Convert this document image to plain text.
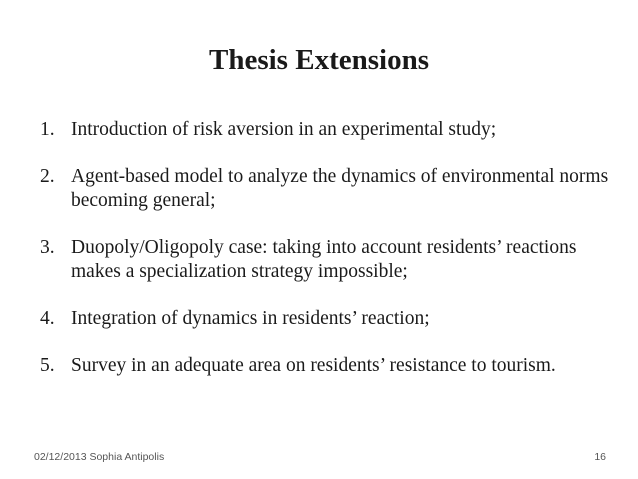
Thesis Extensions
1. Introduction of risk aversion in an experimental study;
2. Agent-based model to analyze the dynamics of environmental norms becoming general;
3. Duopoly/Oligopoly case: taking into account residents’ reactions makes a specialization strategy impossible;
4. Integration of dynamics in residents’ reaction;
5. Survey in an adequate area on residents’ resistance to tourism.
02/12/2013 Sophia Antipolis	16
